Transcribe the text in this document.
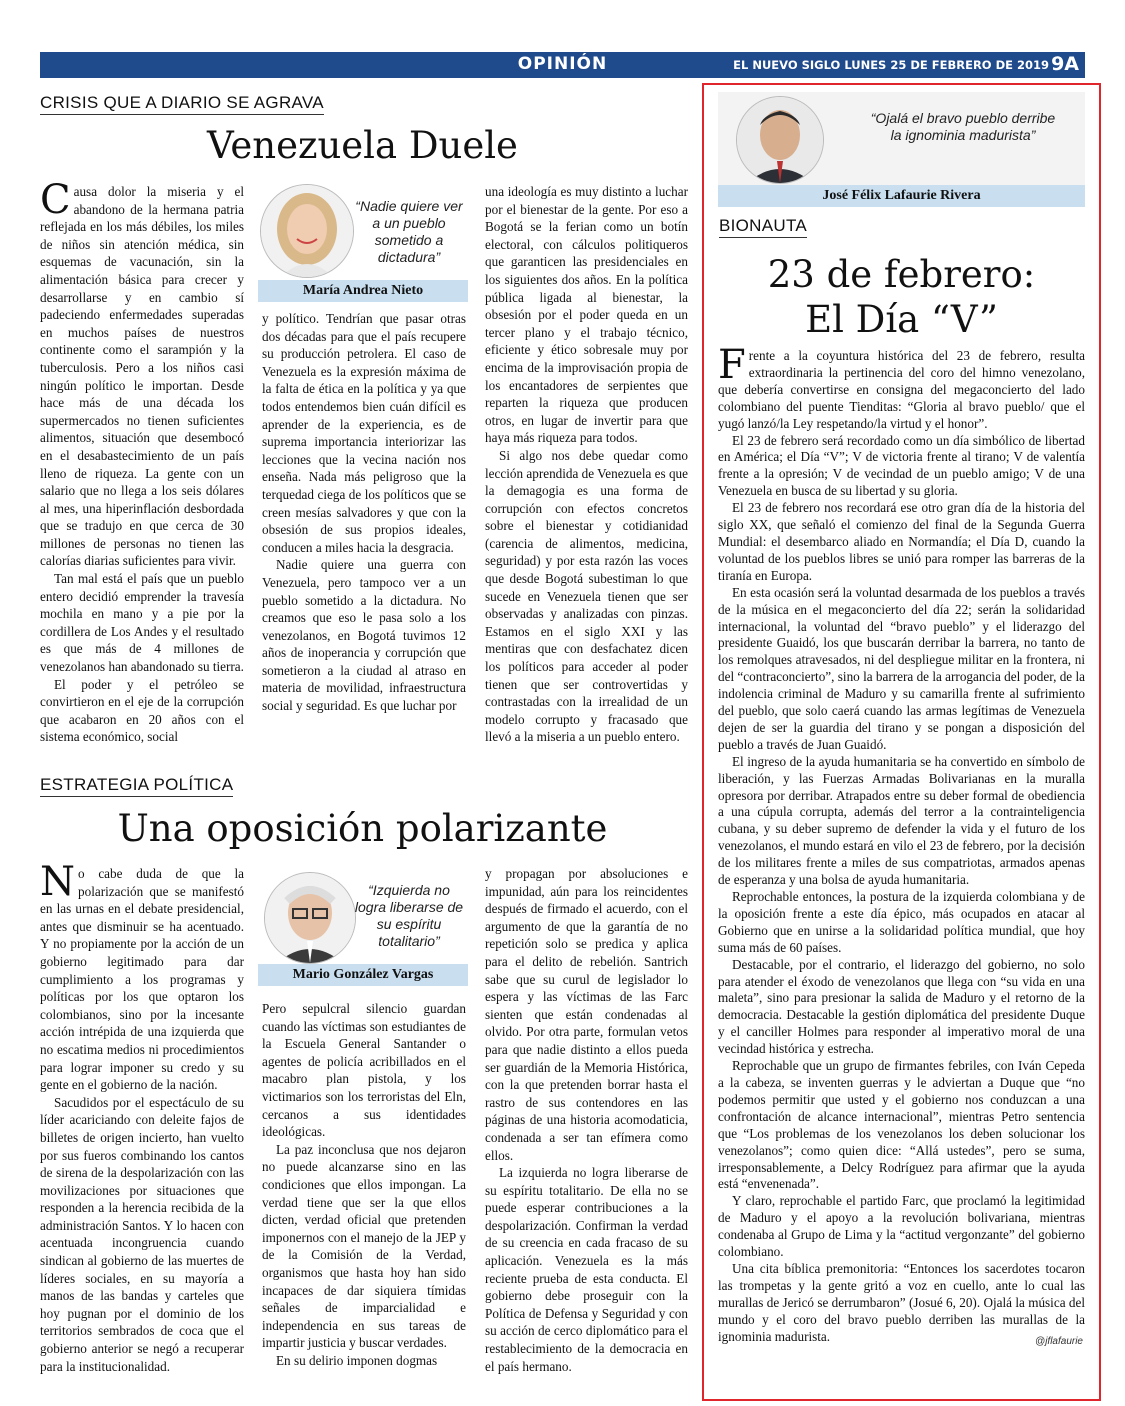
OPINIÓN	EL NUEVO SIGLO LUNES 25 DE FEBRERO DE 2019 9A
CRISIS QUE A DIARIO SE AGRAVA
Venezuela Duele

Causa dolor la miseria y el abandono de la hermana patria reflejada en los más débiles, los miles de niños sin atención médica, sin esquemas de vacunación, sin la alimentación básica para crecer y desarrollarse y en cambio sí padeciendo enfermedades superadas en muchos países de nuestros continente como el sarampión y la tuberculosis. Pero a los niños casi ningún político le importan. Desde hace más de una década los supermercados no tienen suficientes alimentos, situación que desembocó en el desabastecimiento de un país lleno de riqueza. La gente con un salario que no llega a los seis dólares al mes, una hiperinflación desbordada que se tradujo en que cerca de 30 millones de personas no tienen las calorías diarias suficientes para vivir.

Tan mal está el país que un pueblo entero decidió emprender la travesía mochila en mano y a pie por la cordillera de Los Andes y el resultado es que más de 4 millones de venezolanos han abandonado su tierra.

El poder y el petróleo se convirtieron en el eje de la corrupción que acabaron en 20 años con el sistema económico, social

“Nadie quiere ver a un pueblo sometido a dictadura”
María Andrea Nieto

y político. Tendrían que pasar otras dos décadas para que el país recupere su producción petrolera. El caso de Venezuela es la expresión máxima de la falta de ética en la política y ya que todos entendemos bien cuán difícil es aprender de la experiencia, es de suprema importancia interiorizar las lecciones que la vecina nación nos enseña. Nada más peligroso que la terquedad ciega de los políticos que se creen mesías salvadores y que con la obsesión de sus propios ideales, conducen a miles hacia la desgracia.

Nadie quiere una guerra con Venezuela, pero tampoco ver a un pueblo sometido a la dictadura. No creamos que eso le pasa solo a los venezolanos, en Bogotá tuvimos 12 años de inoperancia y corrupción que sometieron a la ciudad al atraso en materia de movilidad, infraestructura social y seguridad. Es que luchar por

una ideología es muy distinto a luchar por el bienestar de la gente. Por eso a Bogotá se la ferian como un botín electoral, con cálculos politiqueros que garanticen las presidenciales en los siguientes dos años. En la política pública ligada al bienestar, la obsesión por el poder queda en un tercer plano y el trabajo técnico, eficiente y ético sobresale muy por encima de la improvisación propia de los encantadores de serpientes que reparten la riqueza que producen otros, en lugar de invertir para que haya más riqueza para todos.

Si algo nos debe quedar como lección aprendida de Venezuela es que la demagogia es una forma de corrupción con efectos concretos sobre el bienestar y cotidianidad (carencia de alimentos, medicina, seguridad) y por esta razón las voces que desde Bogotá subestiman lo que sucede en Venezuela tienen que ser observadas y analizadas con pinzas. Estamos en el siglo XXI y las mentiras que con desfachatez dicen los políticos para acceder al poder tienen que ser controvertidas y contrastadas con la irrealidad de un modelo corrupto y fracasado que llevó a la miseria a un pueblo entero.

ESTRATEGIA POLÍTICA
Una oposición polarizante

No cabe duda de que la polarización que se manifestó en las urnas en el debate presidencial, antes que disminuir se ha acentuado. Y no propiamente por la acción de un gobierno legitimado para dar cumplimiento a los programas y políticas por los que optaron los colombianos, sino por la incesante acción intrépida de una izquierda que no escatima medios ni procedimientos para lograr imponer su credo y su gente en el gobierno de la nación.

Sacudidos por el espectáculo de su líder acariciando con deleite fajos de billetes de origen incierto, han vuelto por sus fueros combinando los cantos de sirena de la despolarización con las movilizaciones por situaciones que responden a la herencia recibida de la administración Santos. Y lo hacen con acentuada incongruencia cuando sindican al gobierno de las muertes de líderes sociales, en su mayoría a manos de las bandas y carteles que hoy pugnan por el dominio de los territorios sembrados de coca que el gobierno anterior se negó a recuperar para la institucionalidad.

“Izquierda no logra liberarse de su espíritu totalitario”
Mario González Vargas

Pero sepulcral silencio guardan cuando las víctimas son estudiantes de la Escuela General Santander o agentes de policía acribillados en el macabro plan pistola, y los victimarios son los terroristas del Eln, cercanos a sus identidades ideológicas.

La paz inconclusa que nos dejaron no puede alcanzarse sino en las condiciones que ellos impongan. La verdad tiene que ser la que ellos dicten, verdad oficial que pretenden imponernos con el manejo de la JEP y de la Comisión de la Verdad, organismos que hasta hoy han sido incapaces de dar siquiera tímidas señales de imparcialidad e independencia en sus tareas de impartir justicia y buscar verdades.

En su delirio imponen dogmas

y propagan por absoluciones e impunidad, aún para los reincidentes después de firmado el acuerdo, con el argumento de que la garantía de no repetición solo se predica y aplica para el delito de rebelión. Santrich sabe que su curul de legislador lo espera y las víctimas de las Farc sienten que están condenadas al olvido. Por otra parte, formulan vetos para que nadie distinto a ellos pueda ser guardián de la Memoria Histórica, con la que pretenden borrar hasta el rastro de sus contendores en las páginas de una historia acomodaticia, condenada a ser tan efímera como ellos.

La izquierda no logra liberarse de su espíritu totalitario. De ella no se puede esperar contribuciones a la despolarización. Confirman la verdad de su creencia en cada fracaso de su aplicación. Venezuela es la más reciente prueba de esta conducta. El gobierno debe proseguir con la Política de Defensa y Seguridad y con su acción de cerco diplomático para el restablecimiento de la democracia en el país hermano.

“Ojalá el bravo pueblo derribe la ignominia madurista”
José Félix Lafaurie Rivera
BIONAUTA
23 de febrero:
El Día “V”

Frente a la coyuntura histórica del 23 de febrero, resulta extraordinaria la pertinencia del coro del himno venezolano, que debería convertirse en consigna del megaconcierto del lado colombiano del puente Tienditas: “Gloria al bravo pueblo/ que el yugó lanzó/la Ley respetando/la virtud y el honor”.

El 23 de febrero será recordado como un día simbólico de libertad en América; el Día “V”; V de victoria frente al tirano; V de valentía frente a la opresión; V de vecindad de un pueblo amigo; V de una Venezuela en busca de su libertad y su gloria.

El 23 de febrero nos recordará ese otro gran día de la historia del siglo XX, que señaló el comienzo del final de la Segunda Guerra Mundial: el desembarco aliado en Normandía; el Día D, cuando la voluntad de los pueblos libres se unió para romper las barreras de la tiranía en Europa.

En esta ocasión será la voluntad desarmada de los pueblos a través de la música en el megaconcierto del día 22; serán la solidaridad internacional, la voluntad del “bravo pueblo” y el liderazgo del presidente Guaidó, los que buscarán derribar la barrera, no tanto de los remolques atravesados, ni del despliegue militar en la frontera, ni del “contraconcierto”, sino la barrera de la arrogancia del poder, de la indolencia criminal de Maduro y su camarilla frente al sufrimiento del pueblo, que solo caerá cuando las armas legítimas de Venezuela dejen de ser la guardia del tirano y se pongan a disposición del pueblo a través de Juan Guaidó.

El ingreso de la ayuda humanitaria se ha convertido en símbolo de liberación, y las Fuerzas Armadas Bolivarianas en la muralla opresora por derribar. Atrapados entre su deber formal de obediencia a una cúpula corrupta, además del terror a la contrainteligencia cubana, y su deber supremo de defender la vida y el futuro de los venezolanos, el mundo estará en vilo el 23 de febrero, por la decisión de los militares frente a miles de sus compatriotas, armados apenas de esperanza y una bolsa de ayuda humanitaria.

Reprochable entonces, la postura de la izquierda colombiana y de la oposición frente a este día épico, más ocupados en atacar al Gobierno que en unirse a la solidaridad política mundial, que hoy suma más de 60 países.

Destacable, por el contrario, el liderazgo del gobierno, no solo para atender el éxodo de venezolanos que llega con “su vida en una maleta”, sino para presionar la salida de Maduro y el retorno de la democracia. Destacable la gestión diplomática del presidente Duque y el canciller Holmes para responder al imperativo moral de una vecindad histórica y estrecha.

Reprochable que un grupo de firmantes febriles, con Iván Cepeda a la cabeza, se inventen guerras y le adviertan a Duque que “no podemos permitir que usted y el gobierno nos conduzcan a una confrontación de alcance internacional”, mientras Petro sentencia que “Los problemas de los venezolanos los deben solucionar los venezolanos”; como quien dice: “Allá ustedes”, pero se suma, irresponsablemente, a Delcy Rodríguez para afirmar que la ayuda está “envenenada”.

Y claro, reprochable el partido Farc, que proclamó la legitimidad de Maduro y el apoyo a la revolución bolivariana, mientras condenaba al Grupo de Lima y la “actitud vergonzante” del gobierno colombiano.

Una cita bíblica premonitoria: “Entonces los sacerdotes tocaron las trompetas y la gente gritó a voz en cuello, ante lo cual las murallas de Jericó se derrumbaron” (Josué 6, 20). Ojalá la música del mundo y el coro del bravo pueblo derriben las murallas de la ignominia madurista.	@jflafaurie
